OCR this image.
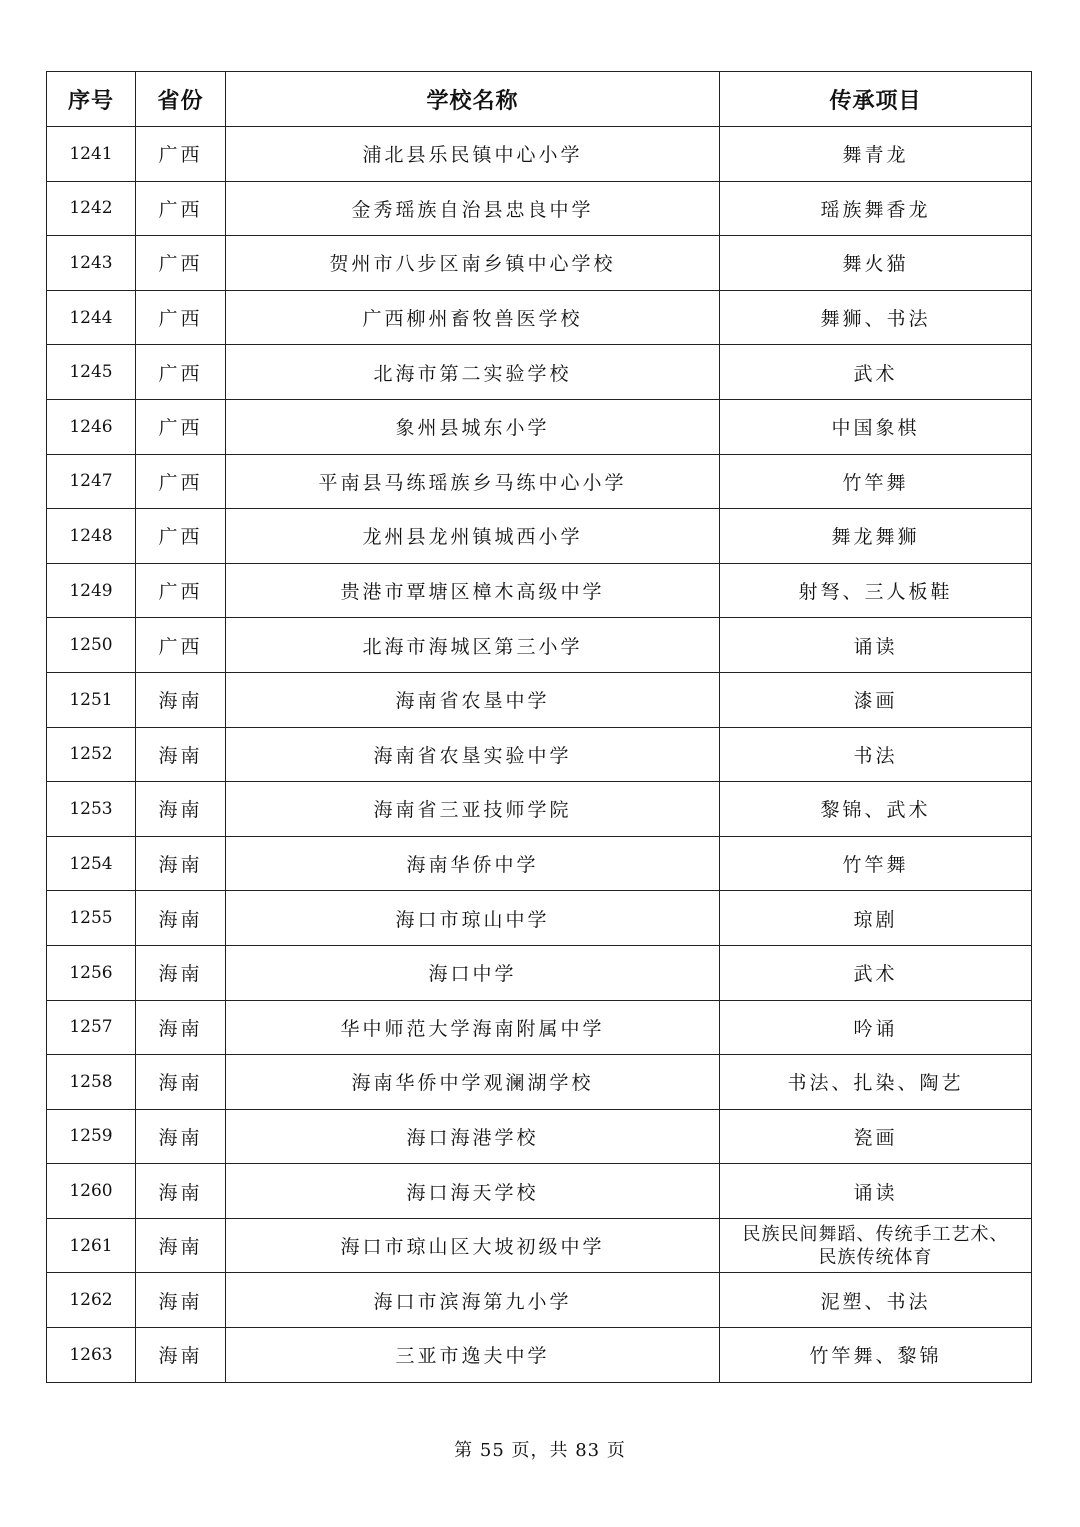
序号	省份	学校名称	传承项目
1241	广西	浦北县乐民镇中心小学	舞青龙
1242	广西	金秀瑶族自治县忠良中学	瑶族舞香龙
1243	广西	贺州市八步区南乡镇中心学校	舞火猫
1244	广西	广西柳州畜牧兽医学校	舞狮、书法
1245	广西	北海市第二实验学校	武术
1246	广西	象州县城东小学	中国象棋
1247	广西	平南县马练瑶族乡马练中心小学	竹竿舞
1248	广西	龙州县龙州镇城西小学	舞龙舞狮
1249	广西	贵港市覃塘区樟木高级中学	射弩、三人板鞋
1250	广西	北海市海城区第三小学	诵读
1251	海南	海南省农垦中学	漆画
1252	海南	海南省农垦实验中学	书法
1253	海南	海南省三亚技师学院	黎锦、武术
1254	海南	海南华侨中学	竹竿舞
1255	海南	海口市琼山中学	琼剧
1256	海南	海口中学	武术
1257	海南	华中师范大学海南附属中学	吟诵
1258	海南	海南华侨中学观澜湖学校	书法、扎染、陶艺
1259	海南	海口海港学校	瓷画
1260	海南	海口海天学校	诵读
1261	海南	海口市琼山区大坡初级中学	民族民间舞蹈、传统手工艺术、
民族传统体育

1262	海南	海口市滨海第九小学	泥塑、书法
1263	海南	三亚市逸夫中学	竹竿舞、黎锦
第 55 页，共 83 页
